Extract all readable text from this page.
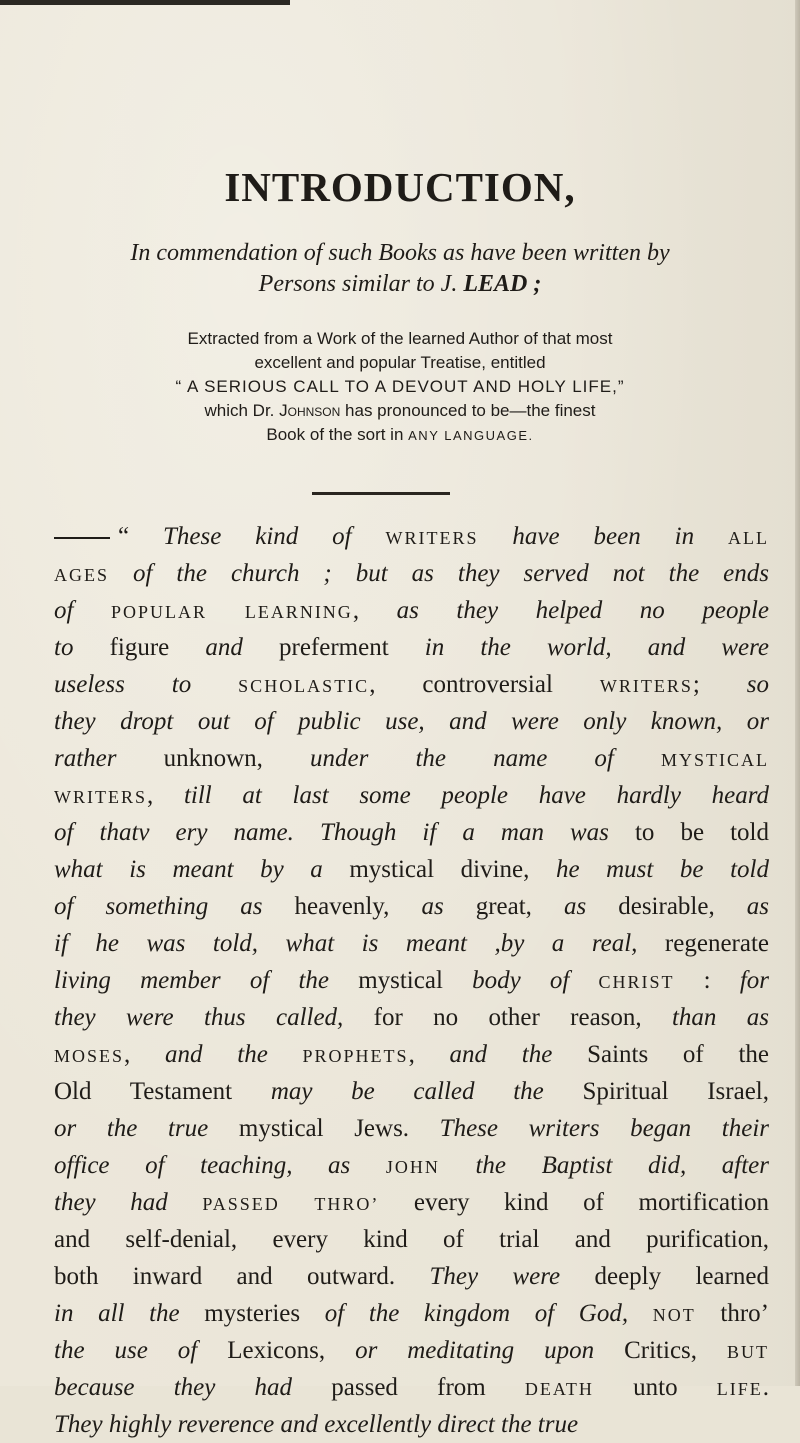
INTRODUCTION,
In commendation of such Books as have been written by
Persons similar to J. LEAD ;
Extracted from a Work of the learned Author of that most
excellent and popular Treatise, entitled
“ A SERIOUS CALL TO A DEVOUT AND HOLY LIFE,”
which Dr. Johnson has pronounced to be—the finest
Book of the sort in ANY LANGUAGE.
“ These kind of WRITERS have been in ALL
AGES of the church ; but as they served not the ends
of POPULAR LEARNING, as they helped no people
to figure and preferment in the world, and were
useless to SCHOLASTIC, controversial WRITERS; so
they dropt out of public use, and were only known, or
rather unknown, under the name of MYSTICAL
WRITERS, till at last some people have hardly heard
of thatv ery name. Though if a man was to be told
what is meant by a mystical divine, he must be told
of something as heavenly, as great, as desirable, as
if he was told, what is meant ,by a real, regenerate
living member of the mystical body of CHRIST : for
they were thus called, for no other reason, than as
MOSES, and the PROPHETS, and the Saints of the
Old Testament may be called the Spiritual Israel,
or the true mystical Jews. These writers began their
office of teaching, as JOHN the Baptist did, after
they had PASSED THRO’ every kind of mortification
and self-denial, every kind of trial and purification,
both inward and outward. They were deeply learned
in all the mysteries of the kingdom of God, NOT thro’
the use of Lexicons, or meditating upon Critics, BUT
because they had passed from DEATH unto LIFE.
They highly reverence and excellently direct the true
